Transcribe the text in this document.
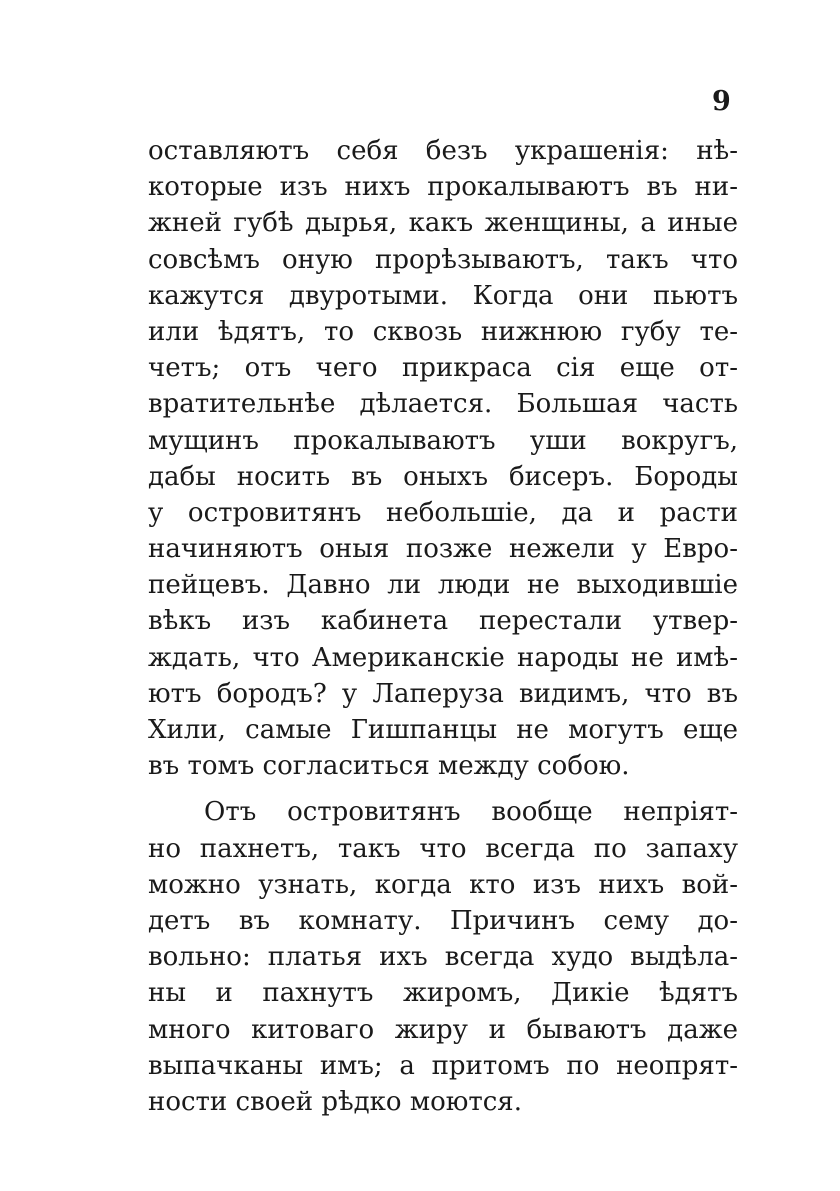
9
оставляютъ себя безъ украшенія: нѣ-
которые изъ нихъ прокалываютъ въ ни-
жней губѣ дырья, какъ женщины, а иные
совсѣмъ оную прорѣзываютъ, такъ что
кажутся двуротыми. Когда они пьютъ
или ѣдятъ, то сквозь нижнюю губу те-
четъ; отъ чего прикраса сія еще от-
вратительнѣе дѣлается. Большая часть
мущинъ прокалываютъ уши вокругъ,
дабы носить въ оныхъ бисеръ. Бороды
у островитянъ небольшіе, да и расти
начиняютъ оныя позже нежели у Евро-
пейцевъ. Давно ли люди не выходившіе
вѣкъ изъ кабинета перестали утвер-
ждать, что Американскіе народы не имѣ-
ютъ бородъ? у Лаперуза видимъ, что въ
Хили, самые Гишпанцы не могутъ еще
въ томъ согласиться между собою.
Отъ островитянъ вообще непріят-
но пахнетъ, такъ что всегда по запаху
можно узнать, когда кто изъ нихъ вой-
детъ въ комнату. Причинъ сему до-
вольно: платья ихъ всегда худо выдѣла-
ны и пахнутъ жиромъ, Дикіе ѣдятъ
много китоваго жиру и бываютъ даже
выпачканы имъ; а притомъ по неопрят-
ности своей рѣдко моются.
